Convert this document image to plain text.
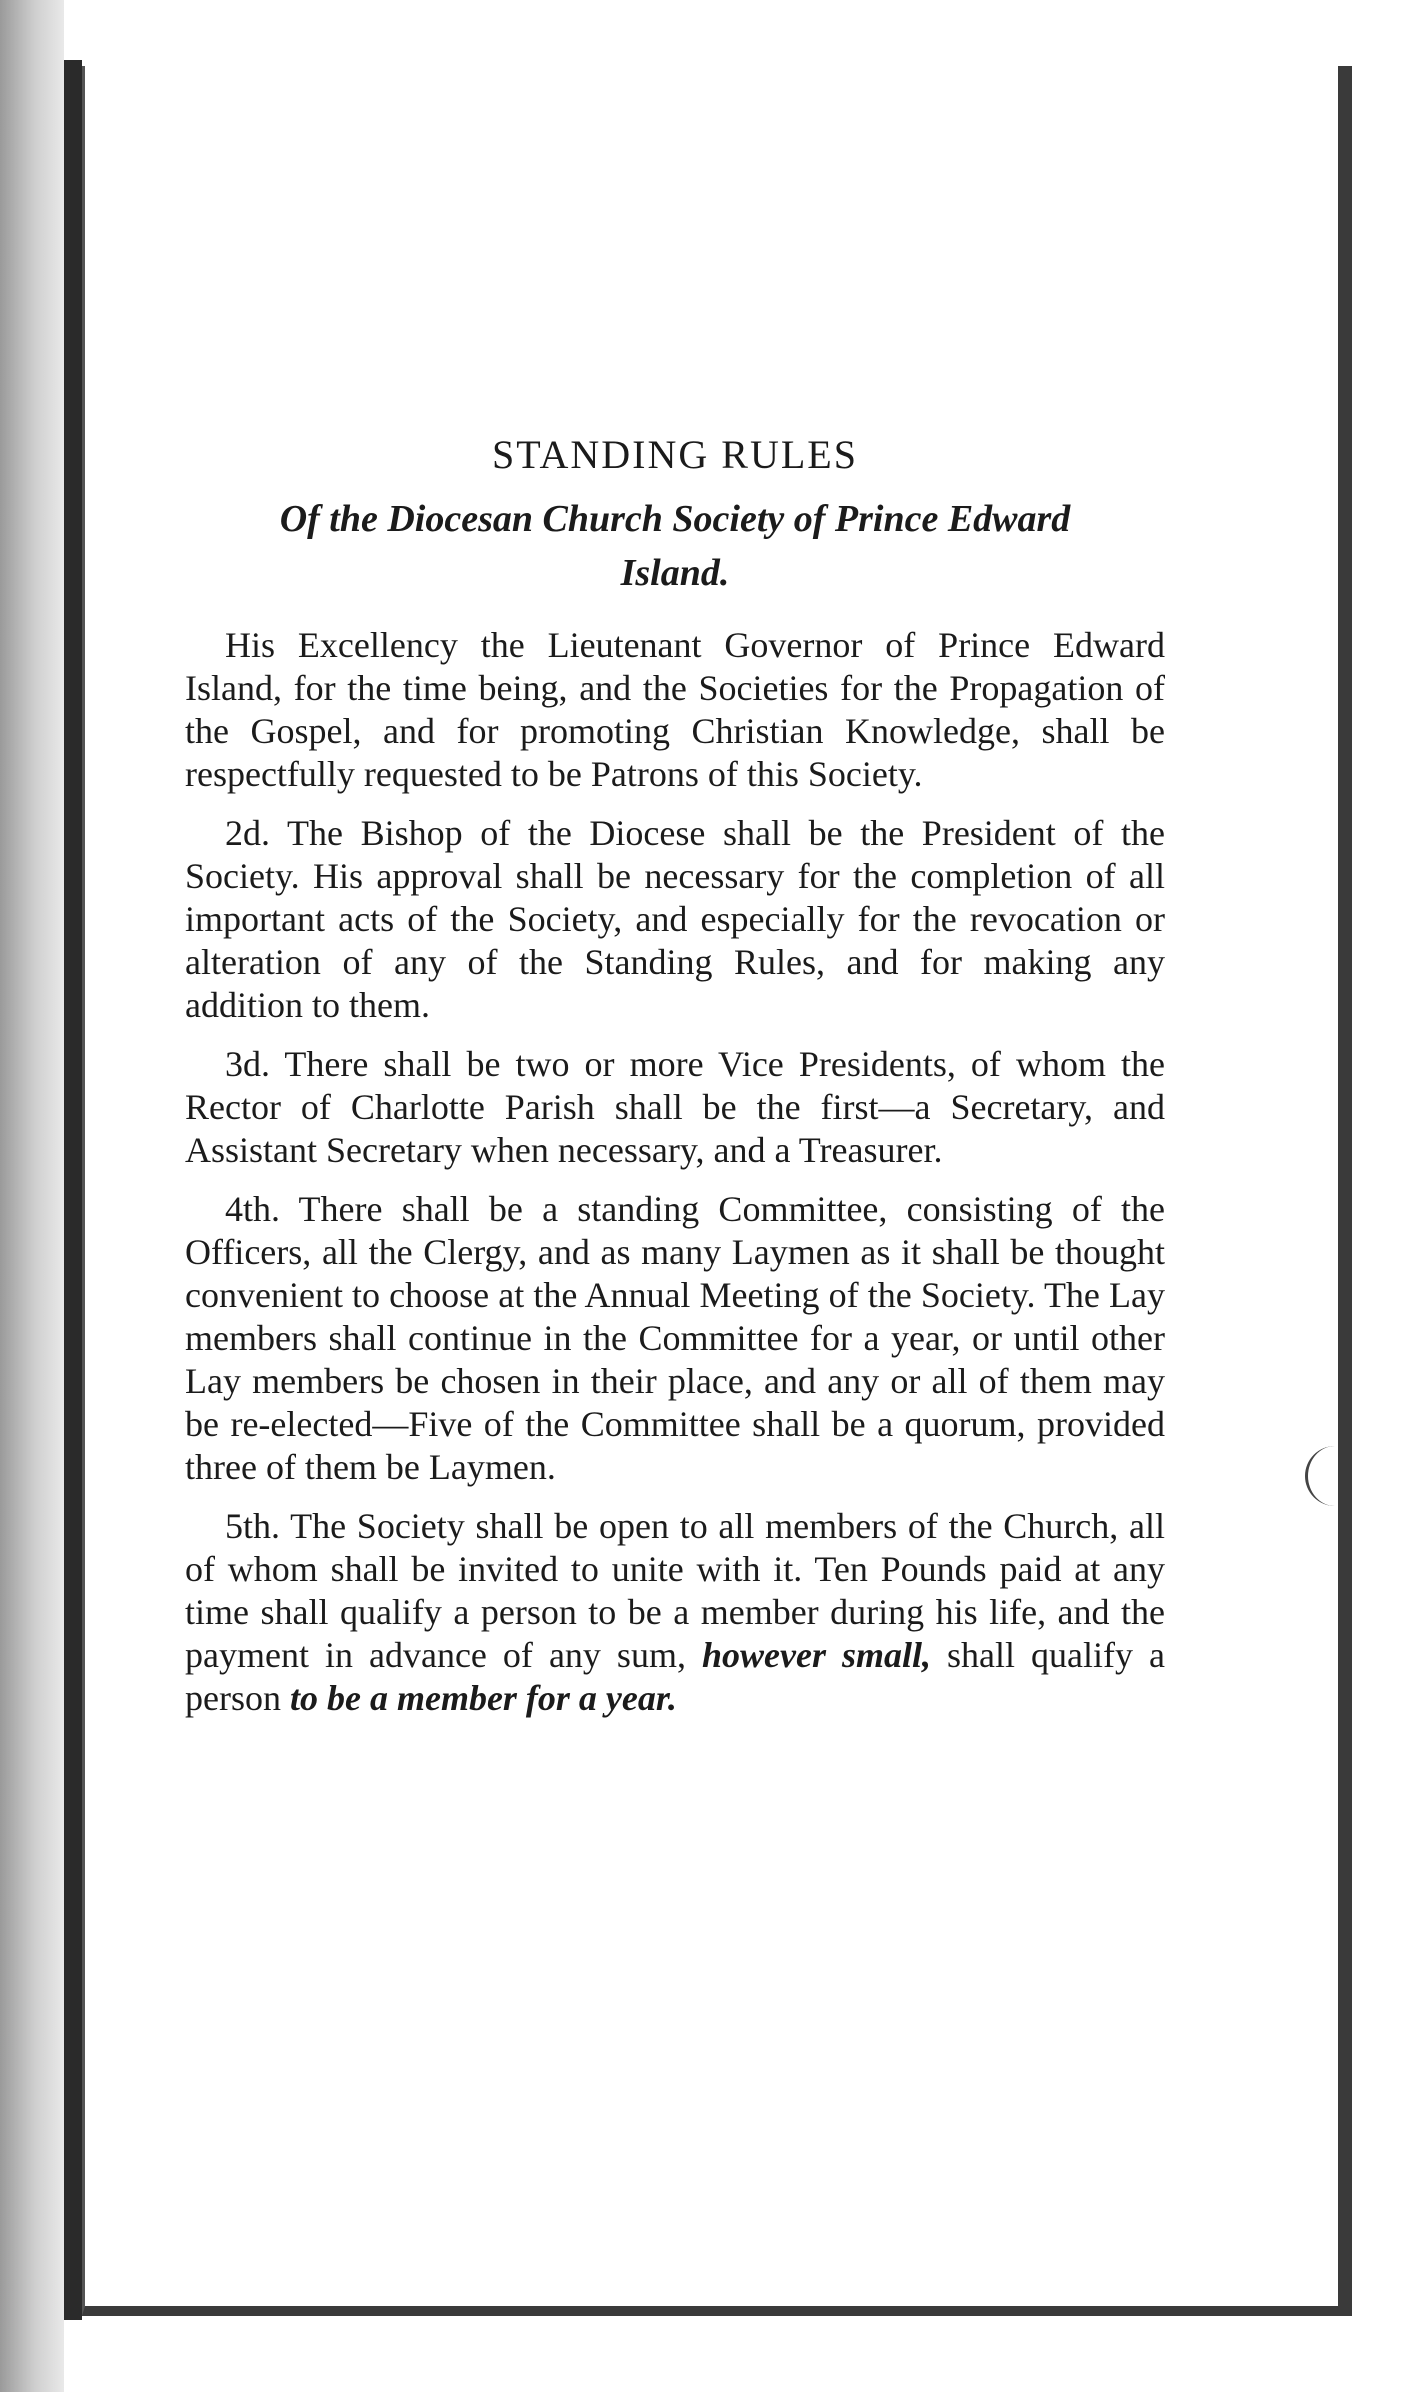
STANDING RULES
Of the Diocesan Church Society of Prince Edward Island.

His Excellency the Lieutenant Governor of Prince Edward Island, for the time being, and the Societies for the Propagation of the Gospel, and for promoting Christian Knowledge, shall be respectfully requested to be Patrons of this Society.

2d. The Bishop of the Diocese shall be the President of the Society. His approval shall be necessary for the completion of all important acts of the Society, and especially for the revocation or alteration of any of the Standing Rules, and for making any addition to them.

3d. There shall be two or more Vice Presidents, of whom the Rector of Charlotte Parish shall be the first—a Secretary, and Assistant Secretary when necessary, and a Treasurer.

4th. There shall be a standing Committee, consisting of the Officers, all the Clergy, and as many Laymen as it shall be thought convenient to choose at the Annual Meeting of the Society. The Lay members shall continue in the Committee for a year, or until other Lay members be chosen in their place, and any or all of them may be re-elected—Five of the Committee shall be a quorum, provided three of them be Laymen.

5th. The Society shall be open to all members of the Church, all of whom shall be invited to unite with it. Ten Pounds paid at any time shall qualify a person to be a member during his life, and the payment in advance of any sum, however small, shall qualify a person to be a member for a year.
